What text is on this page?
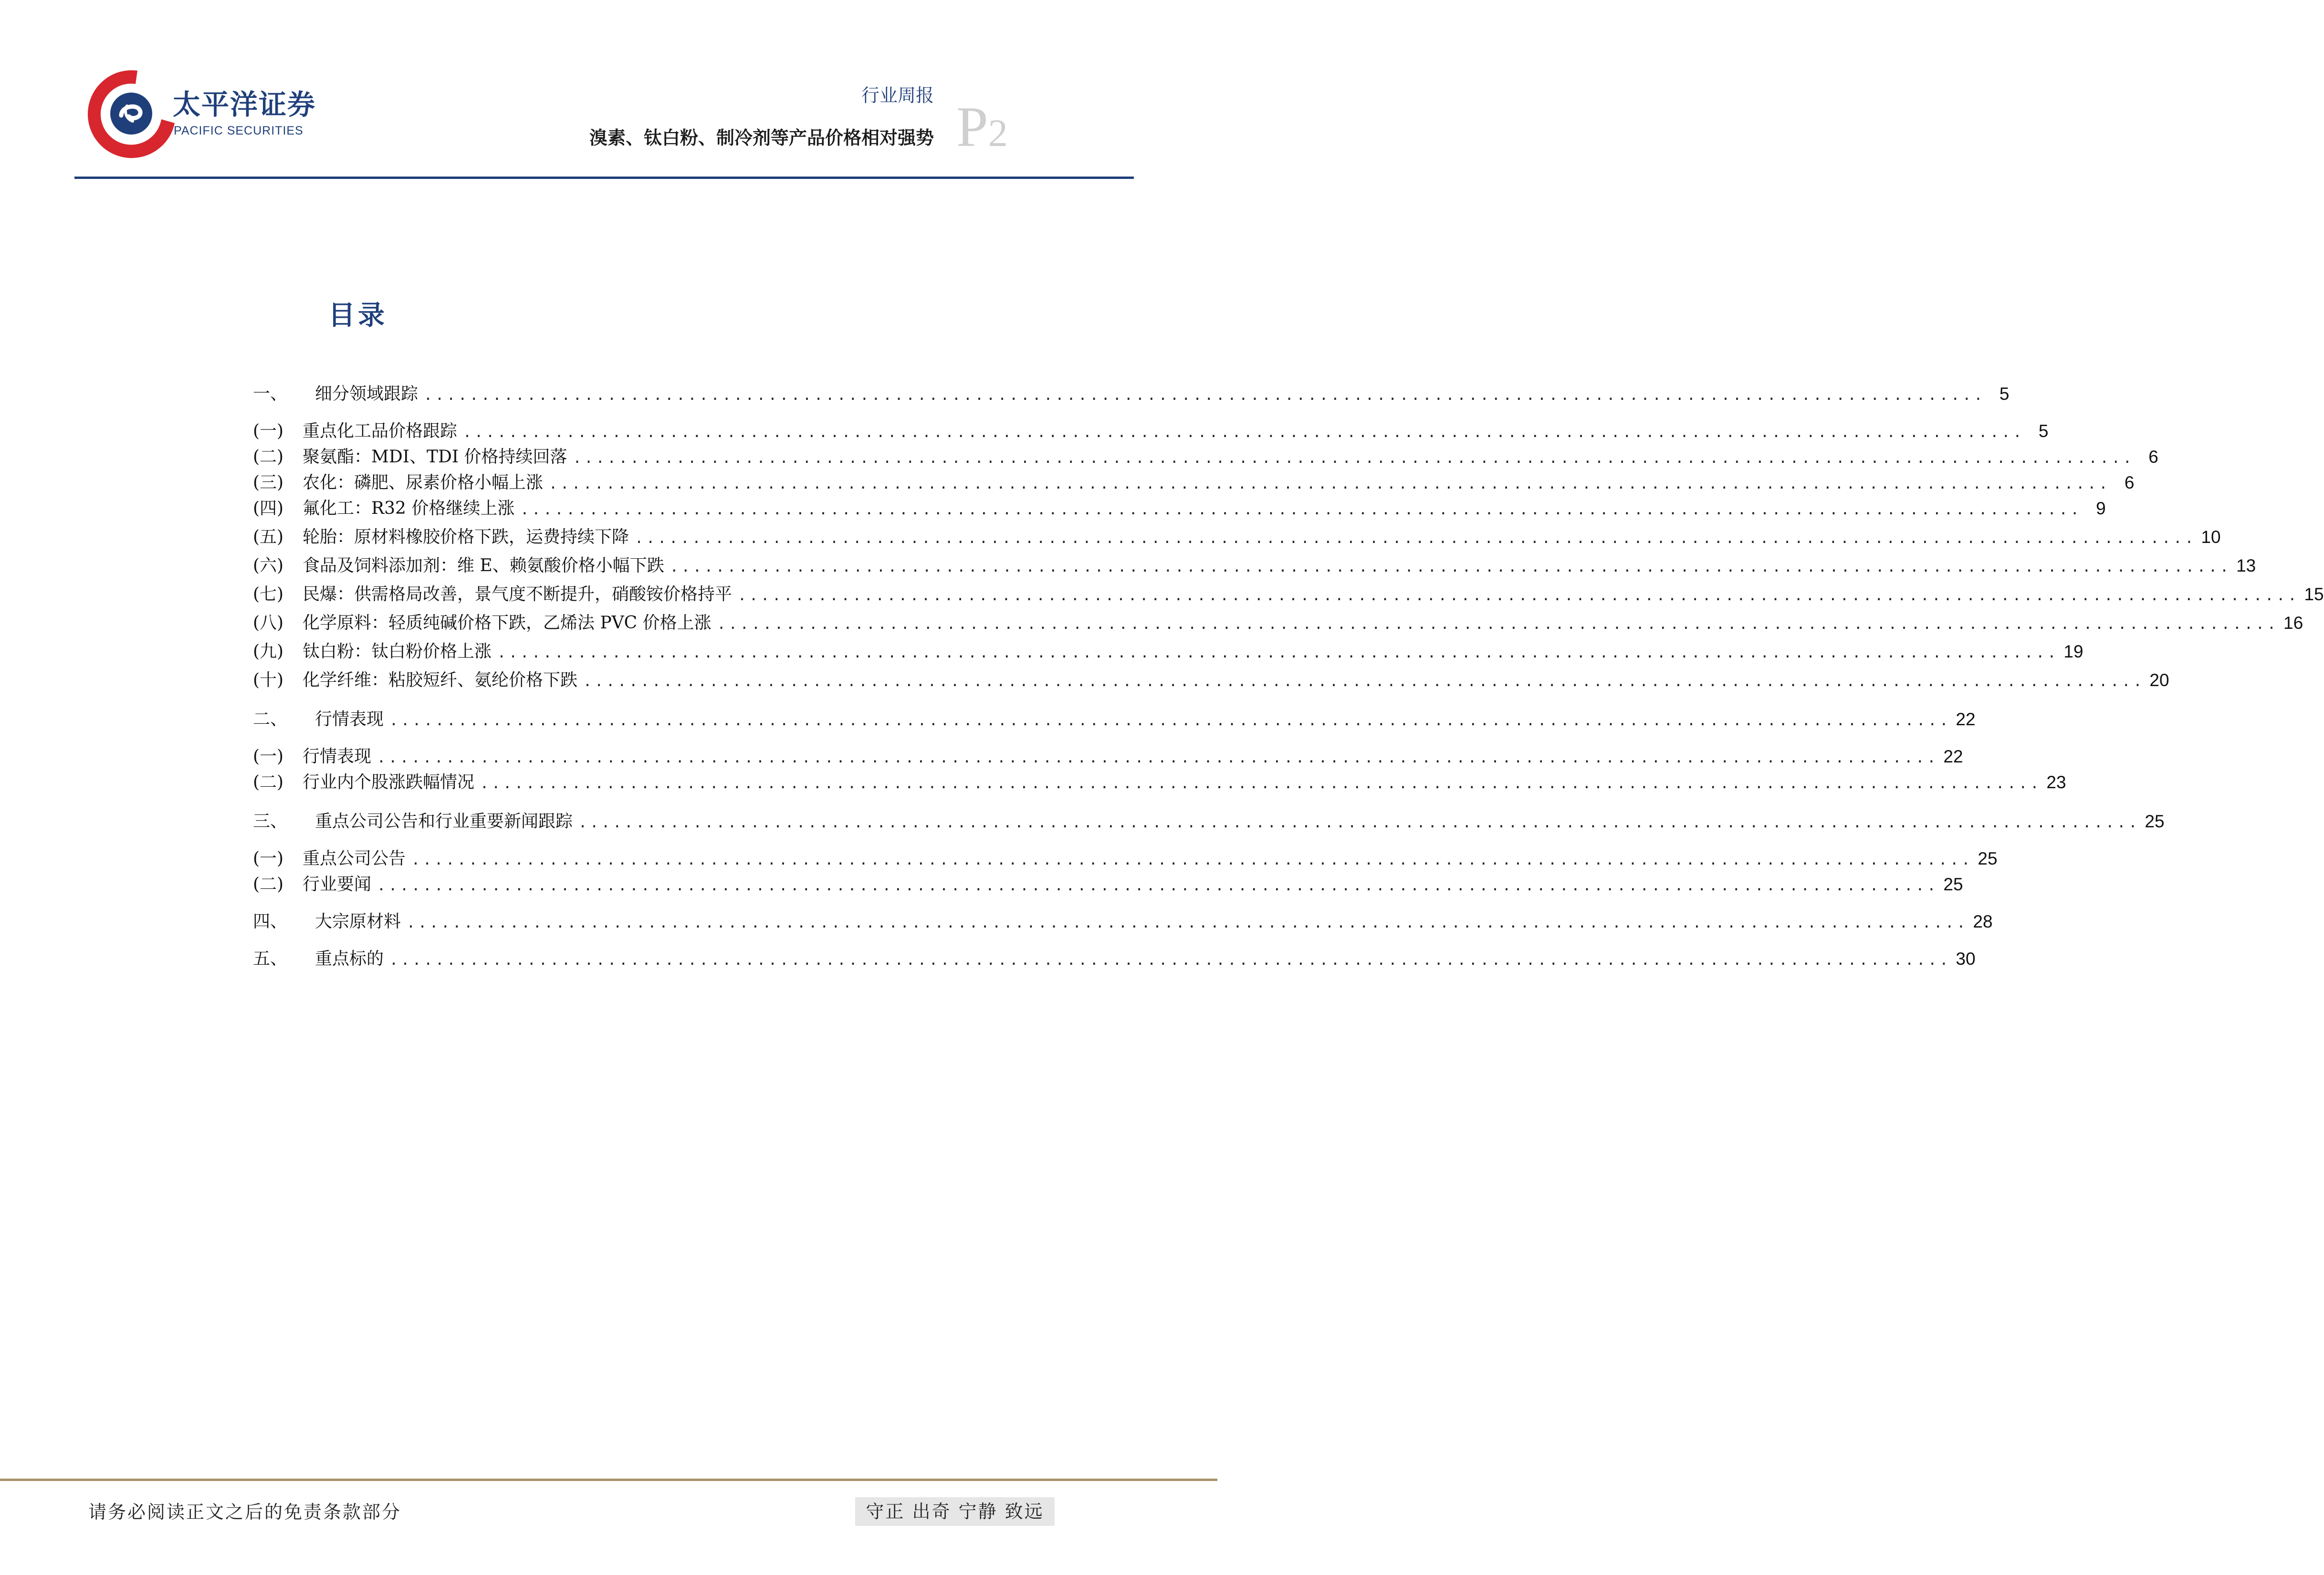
太平洋证券
PACIFIC SECURITIES
行业周报
溴素、钛白粉、制冷剂等产品价格相对强势 P2
目录
一、	细分领域跟踪 ........................................................................................................................................ 5
(一)	重点化工品价格跟踪 ........................................................................................................................................ 5
(二)	聚氨酯：MDI、TDI 价格持续回落 ........................................................................................................................................ 6
(三)	农化：磷肥、尿素价格小幅上涨 ........................................................................................................................................ 6
(四)	氟化工：R32 价格继续上涨 ........................................................................................................................................ 9
(五)	轮胎：原材料橡胶价格下跌，运费持续下降 ........................................................................................................................................ 10
(六)	食品及饲料添加剂：维 E、赖氨酸价格小幅下跌 ........................................................................................................................................ 13
(七)	民爆：供需格局改善，景气度不断提升，硝酸铵价格持平 ........................................................................................................................................ 15
(八)	化学原料：轻质纯碱价格下跌，乙烯法 PVC 价格上涨 ........................................................................................................................................ 16
(九)	钛白粉：钛白粉价格上涨 ........................................................................................................................................ 19
(十)	化学纤维：粘胶短纤、氨纶价格下跌 ........................................................................................................................................ 20
二、	行情表现 ........................................................................................................................................ 22
(一)	行情表现 ........................................................................................................................................ 22
(二)	行业内个股涨跌幅情况 ........................................................................................................................................ 23
三、	重点公司公告和行业重要新闻跟踪 ........................................................................................................................................ 25
(一)	重点公司公告 ........................................................................................................................................ 25
(二)	行业要闻 ........................................................................................................................................ 25
四、	大宗原材料 ........................................................................................................................................ 28
五、	重点标的 ........................................................................................................................................ 30
请务必阅读正文之后的免责条款部分	守正 出奇 宁静 致远
